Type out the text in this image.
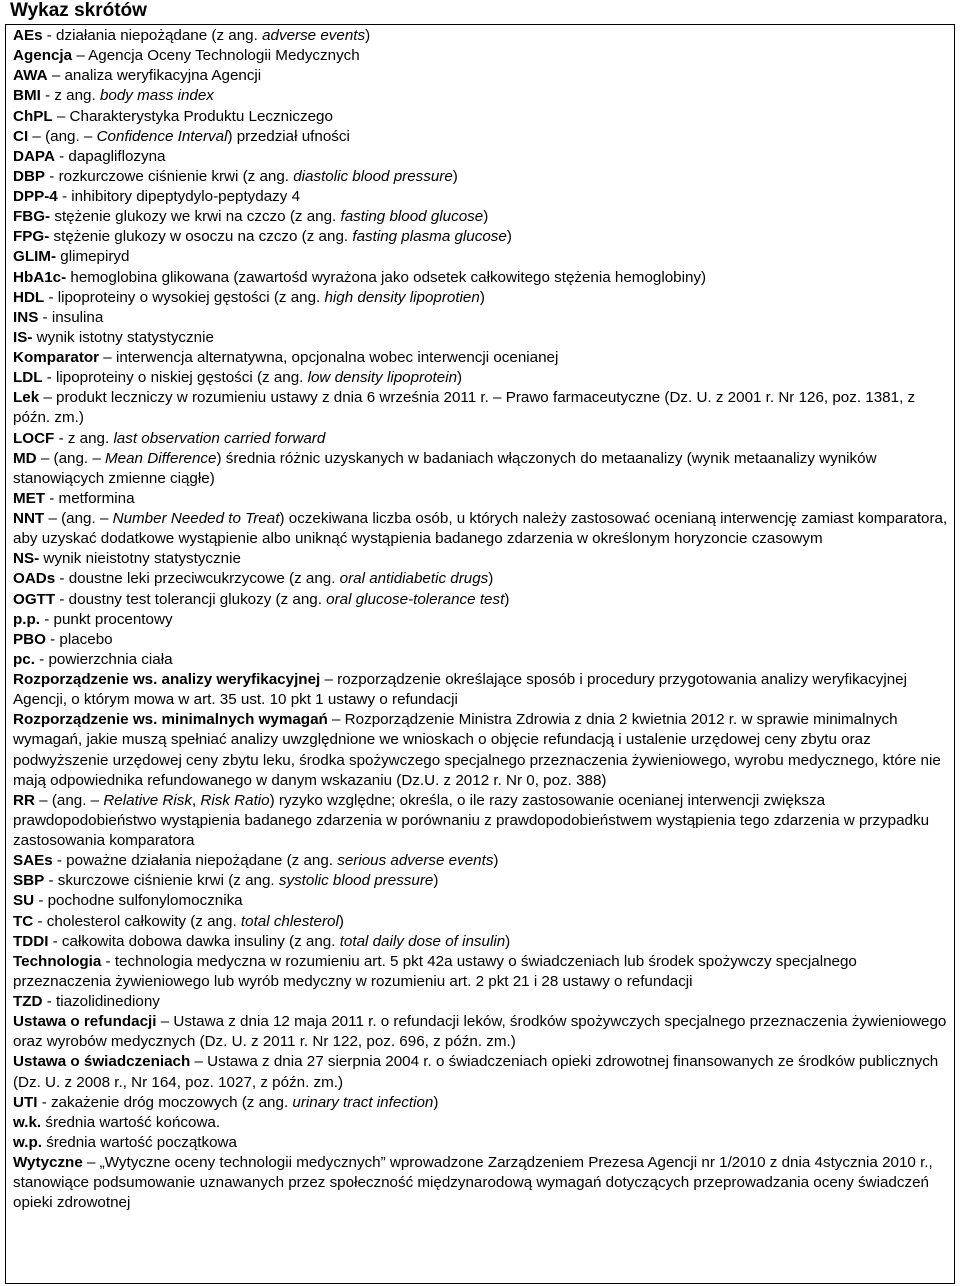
Wykaz skrótów
AEs - działania niepożądane (z ang. adverse events)
Agencja – Agencja Oceny Technologii Medycznych
AWA – analiza weryfikacyjna Agencji
BMI - z ang. body mass index
ChPL – Charakterystyka Produktu Leczniczego
CI – (ang. – Confidence Interval) przedział ufności
DAPA - dapagliflozyna
DBP - rozkurczowe ciśnienie krwi (z ang. diastolic blood pressure)
DPP-4 - inhibitory dipeptydylo-peptydazy 4
FBG- stężenie glukozy we krwi na czczo (z ang. fasting blood glucose)
FPG- stężenie glukozy w osoczu na czczo (z ang. fasting plasma glucose)
GLIM- glimepiryd
HbA1c- hemoglobina glikowana (zawartośd wyrażona jako odsetek całkowitego stężenia hemoglobiny)
HDL - lipoproteiny o wysokiej gęstości (z ang. high density lipoprotien)
INS - insulina
IS- wynik istotny statystycznie
Komparator – interwencja alternatywna, opcjonalna wobec interwencji ocenianej
LDL - lipoproteiny o niskiej gęstości (z ang. low density lipoprotein)
Lek – produkt leczniczy w rozumieniu ustawy z dnia 6 września 2011 r. – Prawo farmaceutyczne (Dz. U. z 2001 r. Nr 126, poz. 1381, z późn. zm.)
LOCF - z ang. last observation carried forward
MD – (ang. – Mean Difference) średnia różnic uzyskanych w badaniach włączonych do metaanalizy (wynik metaanalizy wyników stanowiących zmienne ciągłe)
MET - metformina
NNT – (ang. – Number Needed to Treat) oczekiwana liczba osób, u których należy zastosować ocenianą interwencję zamiast komparatora, aby uzyskać dodatkowe wystąpienie albo uniknąć wystąpienia badanego zdarzenia w określonym horyzoncie czasowym
NS- wynik nieistotny statystycznie
OADs - doustne leki przeciwcukrzycowe (z ang. oral antidiabetic drugs)
OGTT - doustny test tolerancji glukozy (z ang. oral glucose-tolerance test)
p.p. - punkt procentowy
PBO - placebo
pc. - powierzchnia ciała
Rozporządzenie ws. analizy weryfikacyjnej – rozporządzenie określające sposób i procedury przygotowania analizy weryfikacyjnej Agencji, o którym mowa w art. 35 ust. 10 pkt 1 ustawy o refundacji
Rozporządzenie ws. minimalnych wymagań – Rozporządzenie Ministra Zdrowia z dnia 2 kwietnia 2012 r. w sprawie minimalnych wymagań, jakie muszą spełniać analizy uwzględnione we wnioskach o objęcie refundacją i ustalenie urzędowej ceny zbytu oraz podwyższenie urzędowej ceny zbytu leku, środka spożywczego specjalnego przeznaczenia żywieniowego, wyrobu medycznego, które nie mają odpowiednika refundowanego w danym wskazaniu (Dz.U. z 2012 r. Nr 0, poz. 388)
RR – (ang. – Relative Risk, Risk Ratio) ryzyko względne; określa, o ile razy zastosowanie ocenianej interwencji zwiększa prawdopodobieństwo wystąpienia badanego zdarzenia w porównaniu z prawdopodobieństwem wystąpienia tego zdarzenia w przypadku zastosowania komparatora
SAEs - poważne działania niepożądane (z ang. serious adverse events)
SBP - skurczowe ciśnienie krwi (z ang. systolic blood pressure)
SU - pochodne sulfonylomocznika
TC - cholesterol całkowity (z ang. total chlesterol)
TDDI - całkowita dobowa dawka insuliny (z ang. total daily dose of insulin)
Technologia - technologia medyczna w rozumieniu art. 5 pkt 42a ustawy o świadczeniach lub środek spożywczy specjalnego przeznaczenia żywieniowego lub wyrób medyczny w rozumieniu art. 2 pkt 21 i 28 ustawy o refundacji
TZD - tiazolidinediony
Ustawa o refundacji – Ustawa z dnia 12 maja 2011 r. o refundacji leków, środków spożywczych specjalnego przeznaczenia żywieniowego oraz wyrobów medycznych (Dz. U. z 2011 r. Nr 122, poz. 696, z późn. zm.)
Ustawa o świadczeniach – Ustawa z dnia 27 sierpnia 2004 r. o świadczeniach opieki zdrowotnej finansowanych ze środków publicznych (Dz. U. z 2008 r., Nr 164, poz. 1027, z późn. zm.)
UTI - zakażenie dróg moczowych (z ang. urinary tract infection)
w.k. średnia wartość końcowa.
w.p. średnia wartość początkowa
Wytyczne – „Wytyczne oceny technologii medycznych” wprowadzone Zarządzeniem Prezesa Agencji nr 1/2010 z dnia 4stycznia 2010 r., stanowiące podsumowanie uznawanych przez społeczność międzynarodową wymagań dotyczących przeprowadzania oceny świadczeń opieki zdrowotnej
